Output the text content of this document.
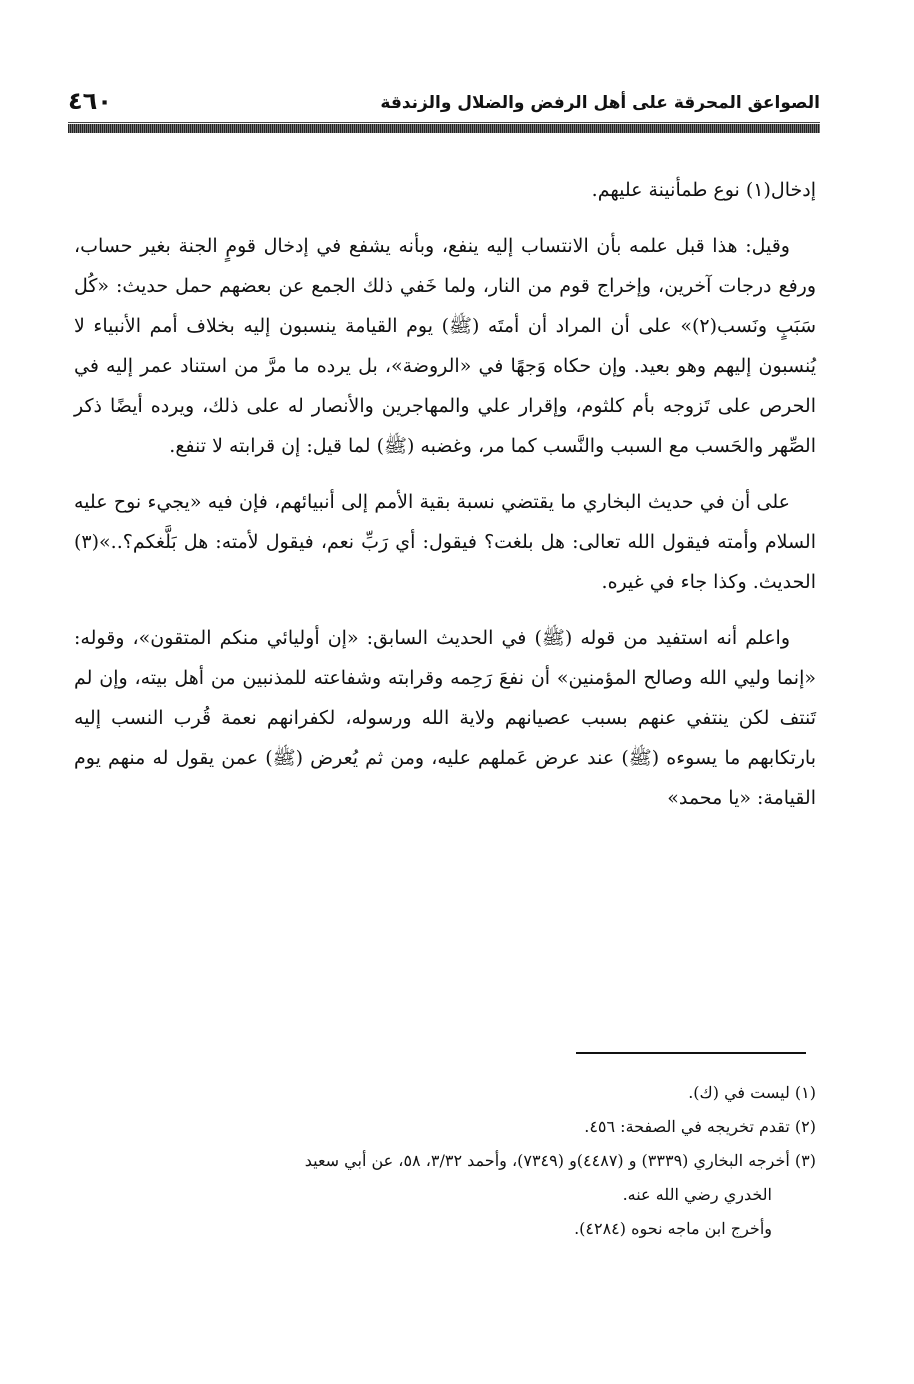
الصواعق المحرقة على أهل الرفض والضلال والزندقة
٤٦٠

إدخال(١) نوع طمأنينة عليهم.

وقيل: هذا قبل علمه بأن الانتساب إليه ينفع، وبأنه يشفع في إدخال قومٍ الجنة بغير حساب، ورفع درجات آخرين، وإخراج قوم من النار، ولما خَفي ذلك الجمع عن بعضهم حمل حديث: «كُل سَبَبٍ ونَسب(٢)» على أن المراد أن أمتَه (ﷺ) يوم القيامة ينسبون إليه بخلاف أمم الأنبياء لا يُنسبون إليهم وهو بعيد. وإن حكاه وَجهًا في «الروضة»، بل يرده ما مرَّ من استناد عمر إليه في الحرص على تَزوجه بأم كلثوم، وإقرار علي والمهاجرين والأنصار له على ذلك، ويرده أيضًا ذكر الصِّهر والحَسب مع السبب والنَّسب كما مر، وغضبه (ﷺ) لما قيل: إن قرابته لا تنفع.

على أن في حديث البخاري ما يقتضي نسبة بقية الأمم إلى أنبيائهم، فإن فيه «يجيء نوح عليه السلام وأمته فيقول الله تعالى: هل بلغت؟ فيقول: أي رَبِّ نعم، فيقول لأمته: هل بَلَّغكم؟..»(٣) الحديث. وكذا جاء في غيره.

واعلم أنه استفيد من قوله (ﷺ) في الحديث السابق: «إن أوليائي منكم المتقون»، وقوله: «إنما وليي الله وصالح المؤمنين» أن نفعَ رَحِمه وقرابته وشفاعته للمذنبين من أهل بيته، وإن لم تَنتف لكن ينتفي عنهم بسبب عصيانهم ولاية الله ورسوله، لكفرانهم نعمة قُرب النسب إليه بارتكابهم ما يسوءه (ﷺ) عند عرض عَملهم عليه، ومن ثم يُعرض (ﷺ) عمن يقول له منهم يوم القيامة: «يا محمد»

(١) ليست في (ك).

(٢) تقدم تخريجه في الصفحة: ٤٥٦.

(٣) أخرجه البخاري (٣٣٣٩) و (٤٤٨٧)و (٧٣٤٩)، وأحمد ٣/٣٢، ٥٨، عن أبي سعيد

الخدري رضي الله عنه.

وأخرج ابن ماجه نحوه (٤٢٨٤).
